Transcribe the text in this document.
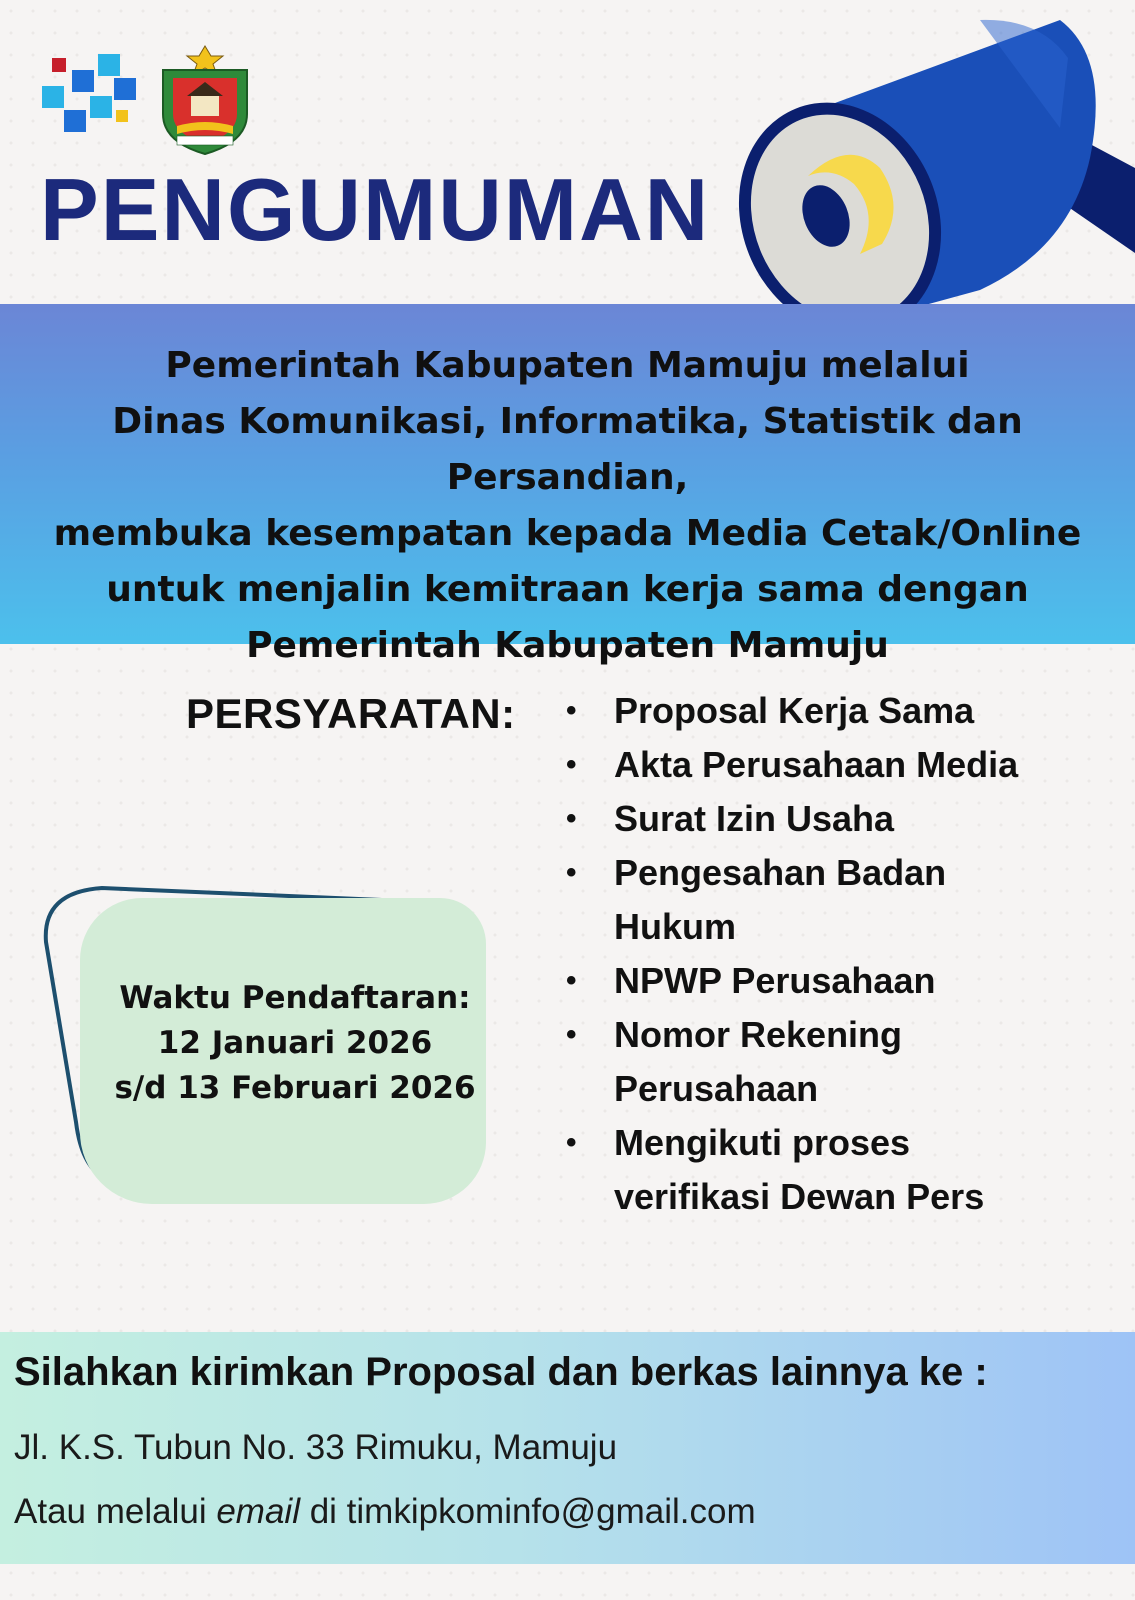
PENGUMUMAN

Pemerintah Kabupaten Mamuju melalui
Dinas Komunikasi, Informatika, Statistik dan Persandian,
membuka kesempatan kepada Media Cetak/Online
untuk menjalin kemitraan kerja sama dengan
Pemerintah Kabupaten Mamuju

PERSYARATAN: • Proposal Kerja Sama
• Akta Perusahaan Media
• Surat Izin Usaha
• Pengesahan Badan
Hukum
• NPWP Perusahaan
• Nomor Rekening
Perusahaan
• Mengikuti proses
verifikasi Dewan Pers

Waktu Pendaftaran:
12 Januari 2026
s/d 13 Februari 2026

Silahkan kirimkan Proposal dan berkas lainnya ke :

Jl. K.S. Tubun No. 33 Rimuku, Mamuju

Atau melalui email di timkipkominfo@gmail.com
